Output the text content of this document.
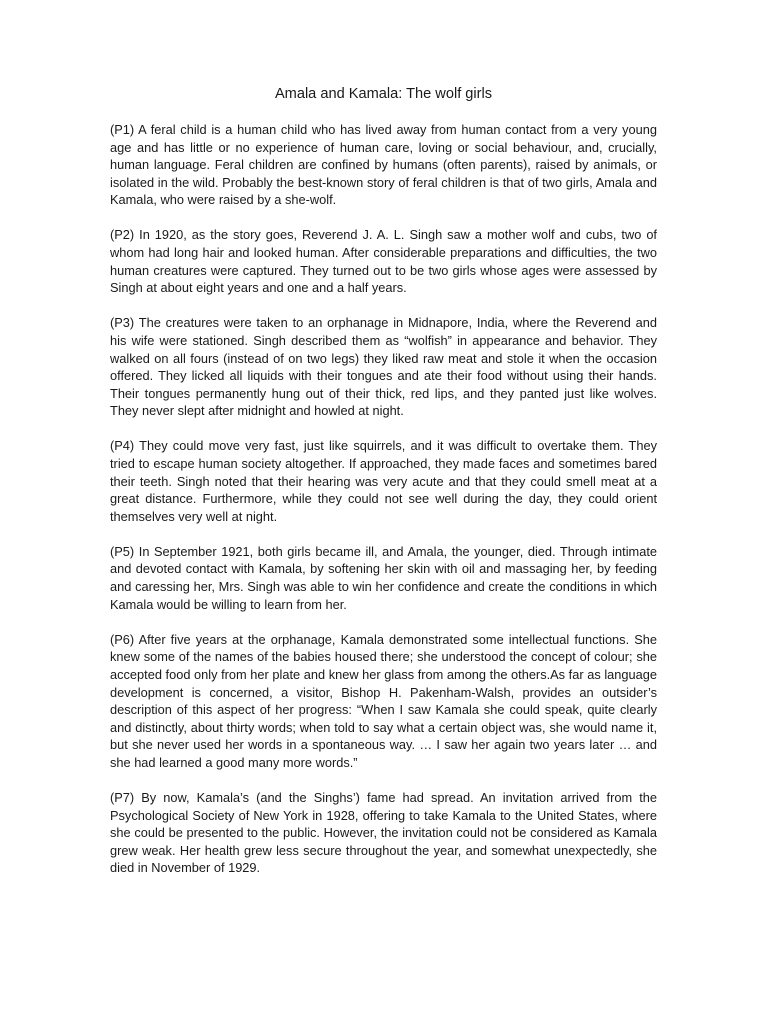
Amala and Kamala: The wolf girls

(P1) A feral child is a human child who has lived away from human contact from a very young age and has little or no experience of human care, loving or social behaviour, and, crucially, human language. Feral children are confined by humans (often parents), raised by animals, or isolated in the wild. Probably the best-known story of feral children is that of two girls, Amala and Kamala, who were raised by a she-wolf.

(P2) In 1920, as the story goes, Reverend J. A. L. Singh saw a mother wolf and cubs, two of whom had long hair and looked human. After considerable preparations and difficulties, the two human creatures were captured. They turned out to be two girls whose ages were assessed by Singh at about eight years and one and a half years.

(P3) The creatures were taken to an orphanage in Midnapore, India, where the Reverend and his wife were stationed. Singh described them as “wolfish” in appearance and behavior. They walked on all fours (instead of on two legs) they liked raw meat and stole it when the occasion offered. They licked all liquids with their tongues and ate their food without using their hands. Their tongues permanently hung out of their thick, red lips, and they panted just like wolves. They never slept after midnight and howled at night.

(P4) They could move very fast, just like squirrels, and it was difficult to overtake them. They tried to escape human society altogether. If approached, they made faces and sometimes bared their teeth. Singh noted that their hearing was very acute and that they could smell meat at a great distance. Furthermore, while they could not see well during the day, they could orient themselves very well at night.

(P5) In September 1921, both girls became ill, and Amala, the younger, died. Through intimate and devoted contact with Kamala, by softening her skin with oil and massaging her, by feeding and caressing her, Mrs. Singh was able to win her confidence and create the conditions in which Kamala would be willing to learn from her.

(P6) After five years at the orphanage, Kamala demonstrated some intellectual functions. She knew some of the names of the babies housed there; she understood the concept of colour; she accepted food only from her plate and knew her glass from among the others.As far as language development is concerned, a visitor, Bishop H. Pakenham-Walsh, provides an outsider’s description of this aspect of her progress: “When I saw Kamala she could speak, quite clearly and distinctly, about thirty words; when told to say what a certain object was, she would name it, but she never used her words in a spontaneous way. … I saw her again two years later … and she had learned a good many more words.”

(P7) By now, Kamala’s (and the Singhs’) fame had spread. An invitation arrived from the Psychological Society of New York in 1928, offering to take Kamala to the United States, where she could be presented to the public. However, the invitation could not be considered as Kamala grew weak. Her health grew less secure throughout the year, and somewhat unexpectedly, she died in November of 1929.
